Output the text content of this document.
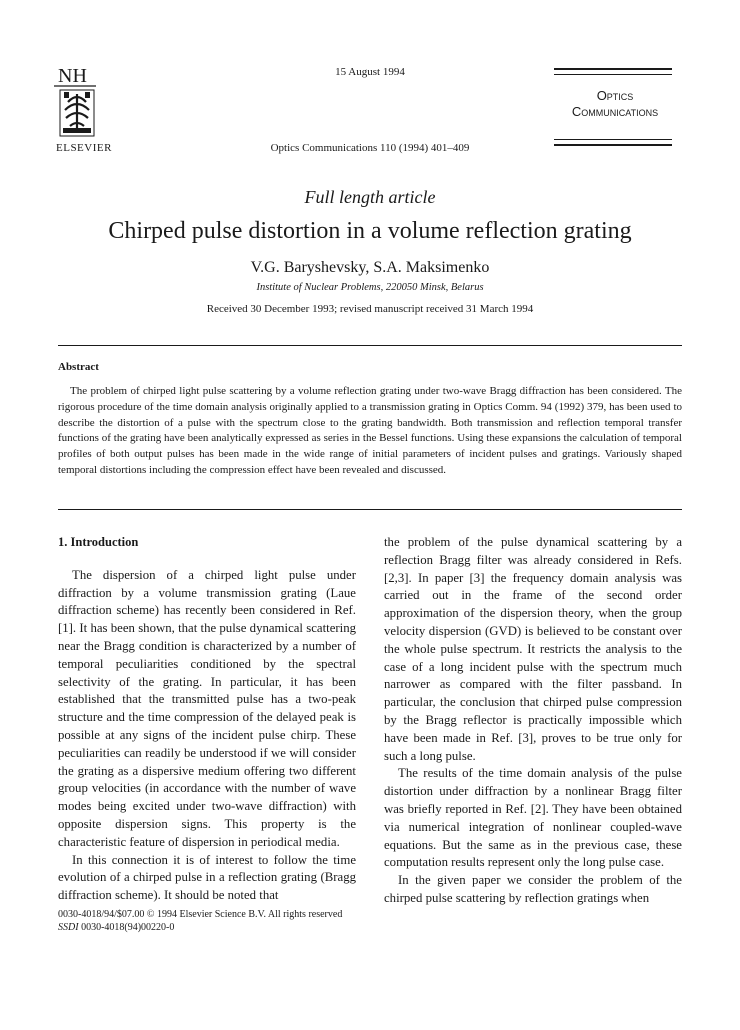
NH
ELSEVIER
15 August 1994
Optics Communications 110 (1994) 401–409
Optics
Communications
Full length article
Chirped pulse distortion in a volume reflection grating
V.G. Baryshevsky, S.A. Maksimenko
Institute of Nuclear Problems, 220050 Minsk, Belarus
Received 30 December 1993; revised manuscript received 31 March 1994
Abstract

The problem of chirped light pulse scattering by a volume reflection grating under two-wave Bragg diffraction has been considered. The rigorous procedure of the time domain analysis originally applied to a transmission grating in Optics Comm. 94 (1992) 379, has been used to describe the distortion of a pulse with the spectrum close to the grating bandwidth. Both transmission and reflection temporal transfer functions of the grating have been analytically expressed as series in the Bessel functions. Using these expansions the calculation of temporal profiles of both output pulses has been made in the wide range of initial parameters of incident pulses and gratings. Variously shaped temporal distortions including the compression effect have been revealed and discussed.

1. Introduction

The dispersion of a chirped light pulse under diffraction by a volume transmission grating (Laue diffraction scheme) has recently been considered in Ref. [1]. It has been shown, that the pulse dynamical scattering near the Bragg condition is characterized by a number of temporal peculiarities conditioned by the spectral selectivity of the grating. In particular, it has been established that the transmitted pulse has a two-peak structure and the time compression of the delayed peak is possible at any signs of the incident pulse chirp. These peculiarities can readily be understood if we will consider the grating as a dispersive medium offering two different group velocities (in accordance with the number of wave modes being excited under two-wave diffraction) with opposite dispersion signs. This property is the characteristic feature of dispersion in periodical media.

In this connection it is of interest to follow the time evolution of a chirped pulse in a reflection grating (Bragg diffraction scheme). It should be noted that

the problem of the pulse dynamical scattering by a reflection Bragg filter was already considered in Refs. [2,3]. In paper [3] the frequency domain analysis was carried out in the frame of the second order approximation of the dispersion theory, when the group velocity dispersion (GVD) is believed to be constant over the whole pulse spectrum. It restricts the analysis to the case of a long incident pulse with the spectrum much narrower as compared with the filter passband. In particular, the conclusion that chirped pulse compression by the Bragg reflector is practically impossible which have been made in Ref. [3], proves to be true only for such a long pulse.

The results of the time domain analysis of the pulse distortion under diffraction by a nonlinear Bragg filter was briefly reported in Ref. [2]. They have been obtained via numerical integration of nonlinear coupled-wave equations. But the same as in the previous case, these computation results represent only the long pulse case.

In the given paper we consider the problem of the chirped pulse scattering by reflection gratings when

0030-4018/94/$07.00 © 1994 Elsevier Science B.V. All rights reserved
SSDI 0030-4018(94)00220-0
